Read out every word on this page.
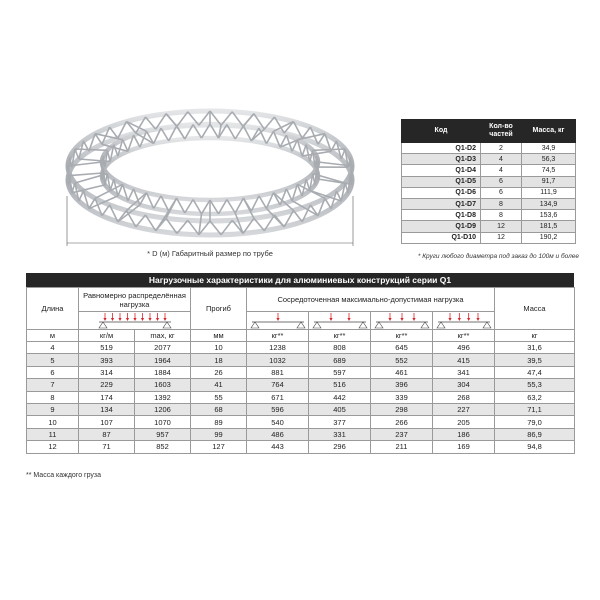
* D (м) Габаритный размер по трубе
Код	Кол-во частей	Масса, кг
Q1-D2	2	34,9
Q1-D3	4	56,3
Q1-D4	4	74,5
Q1-D5	6	91,7
Q1-D6	6	111,9
Q1-D7	8	134,9
Q1-D8	8	153,6
Q1-D9	12	181,5
Q1-D10	12	190,2
* Круги любого диаметра под заказ до 100м и более
Нагрузочные характеристики для алюминиевых конструкций серии Q1
Длина	Равномерно распределённая нагрузка		Прогиб	Сосредоточенная максимально-допустимая нагрузка				Масса

м	кг/м	max, кг	мм	кг**	кг**	кг**	кг**	кг
4	519	2077	10	1238	808	645	496	31,6
5	393	1964	18	1032	689	552	415	39,5
6	314	1884	26	881	597	461	341	47,4
7	229	1603	41	764	516	396	304	55,3
8	174	1392	55	671	442	339	268	63,2
9	134	1206	68	596	405	298	227	71,1
10	107	1070	89	540	377	266	205	79,0
11	87	957	99	486	331	237	186	86,9
12	71	852	127	443	296	211	169	94,8
** Масса каждого груза
